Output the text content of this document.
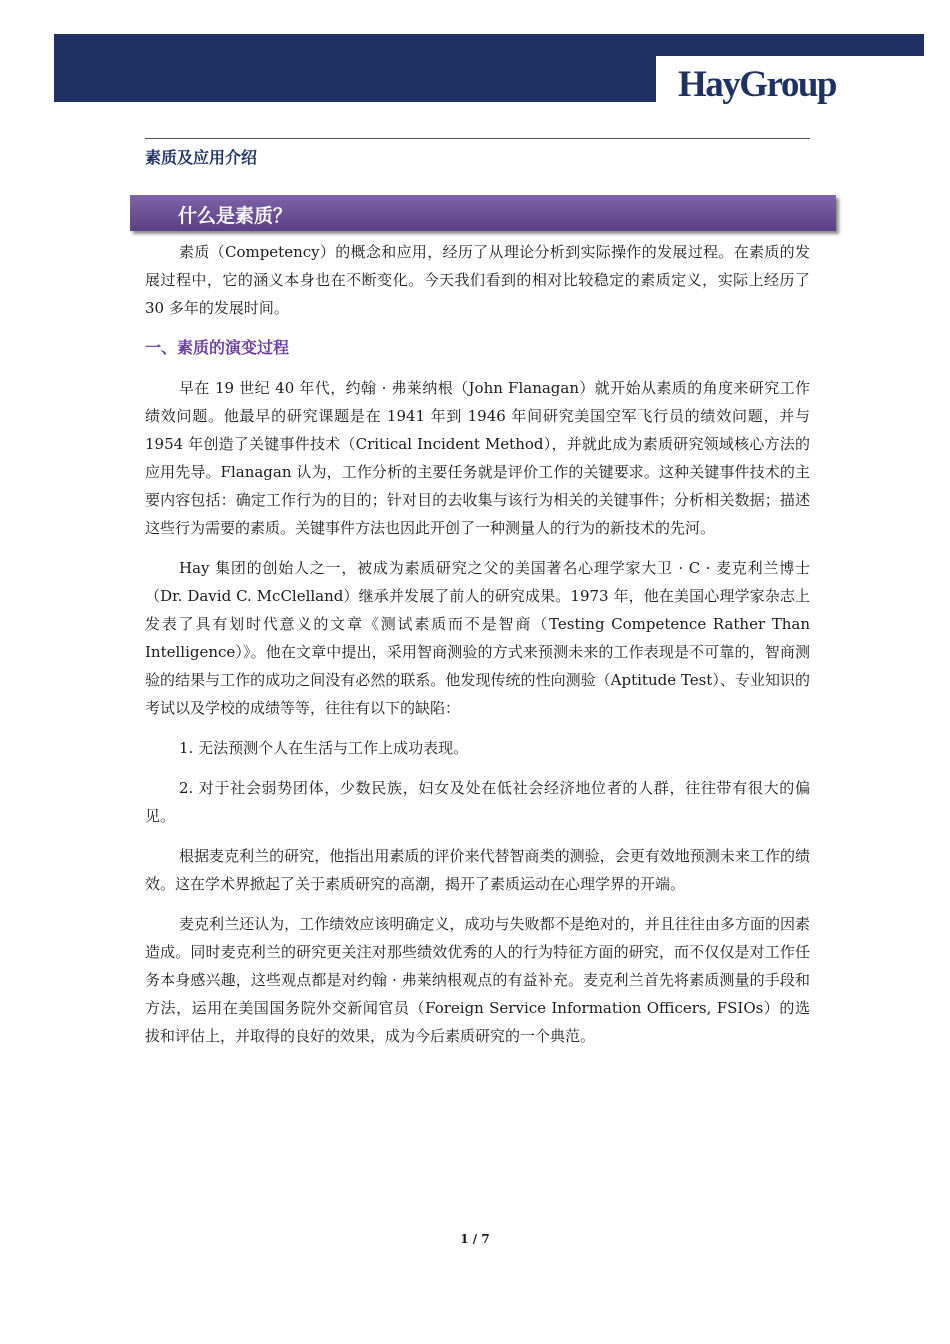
HayGroup
素质及应用介绍
什么是素质？

素质（Competency）的概念和应用，经历了从理论分析到实际操作的发展过程。在素质的发展过程中，它的涵义本身也在不断变化。今天我们看到的相对比较稳定的素质定义，实际上经历了 30 多年的发展时间。

一、素质的演变过程

早在 19 世纪 40 年代，约翰 · 弗莱纳根（John Flanagan）就开始从素质的角度来研究工作绩效问题。他最早的研究课题是在 1941 年到 1946 年间研究美国空军飞行员的绩效问题，并与 1954 年创造了关键事件技术（Critical Incident Method），并就此成为素质研究领域核心方法的应用先导。Flanagan 认为，工作分析的主要任务就是评价工作的关键要求。这种关键事件技术的主要内容包括：确定工作行为的目的；针对目的去收集与该行为相关的关键事件；分析相关数据；描述这些行为需要的素质。关键事件方法也因此开创了一种测量人的行为的新技术的先河。

Hay 集团的创始人之一，被成为素质研究之父的美国著名心理学家大卫 · C · 麦克利兰博士（Dr. David C. McClelland）继承并发展了前人的研究成果。1973 年，他在美国心理学家杂志上发表了具有划时代意义的文章《测试素质而不是智商（Testing Competence Rather Than Intelligence）》。他在文章中提出，采用智商测验的方式来预测未来的工作表现是不可靠的，智商测验的结果与工作的成功之间没有必然的联系。他发现传统的性向测验（Aptitude Test）、专业知识的考试以及学校的成绩等等，往往有以下的缺陷：

1. 无法预测个人在生活与工作上成功表现。

2. 对于社会弱势团体，少数民族，妇女及处在低社会经济地位者的人群，往往带有很大的偏见。

根据麦克利兰的研究，他指出用素质的评价来代替智商类的测验，会更有效地预测未来工作的绩效。这在学术界掀起了关于素质研究的高潮，揭开了素质运动在心理学界的开端。

麦克利兰还认为，工作绩效应该明确定义，成功与失败都不是绝对的，并且往往由多方面的因素造成。同时麦克利兰的研究更关注对那些绩效优秀的人的行为特征方面的研究，而不仅仅是对工作任务本身感兴趣，这些观点都是对约翰 · 弗莱纳根观点的有益补充。麦克利兰首先将素质测量的手段和方法，运用在美国国务院外交新闻官员（Foreign Service Information Officers, FSIOs）的选拔和评估上，并取得的良好的效果，成为今后素质研究的一个典范。

1 / 7
